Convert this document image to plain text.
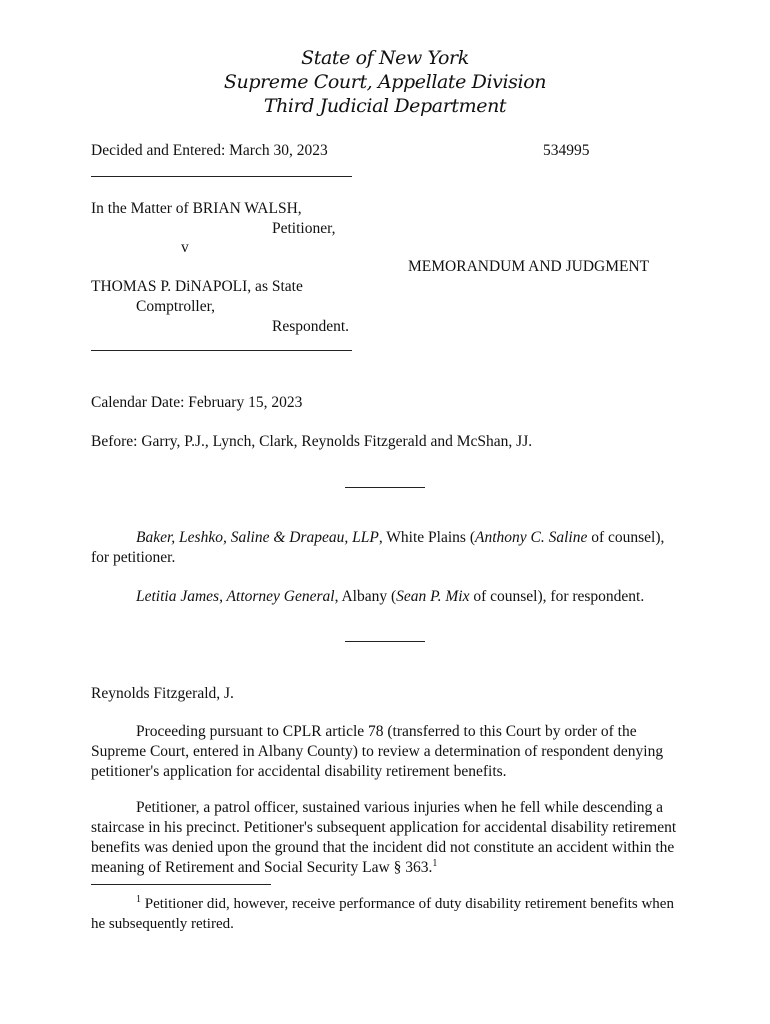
State of New York
Supreme Court, Appellate Division
Third Judicial Department
Decided and Entered: March 30, 2023	534995
In the Matter of BRIAN WALSH,
Petitioner,
v
MEMORANDUM AND JUDGMENT
THOMAS P. DiNAPOLI, as State
Comptroller,
Respondent.
Calendar Date: February 15, 2023
Before: Garry, P.J., Lynch, Clark, Reynolds Fitzgerald and McShan, JJ.
Baker, Leshko, Saline & Drapeau, LLP, White Plains (Anthony C. Saline of counsel), for petitioner.
Letitia James, Attorney General, Albany (Sean P. Mix of counsel), for respondent.
Reynolds Fitzgerald, J.
Proceeding pursuant to CPLR article 78 (transferred to this Court by order of the Supreme Court, entered in Albany County) to review a determination of respondent denying petitioner's application for accidental disability retirement benefits.
Petitioner, a patrol officer, sustained various injuries when he fell while descending a staircase in his precinct. Petitioner's subsequent application for accidental disability retirement benefits was denied upon the ground that the incident did not constitute an accident within the meaning of Retirement and Social Security Law § 363.$^1$
$^1$ Petitioner did, however, receive performance of duty disability retirement benefits when he subsequently retired.
